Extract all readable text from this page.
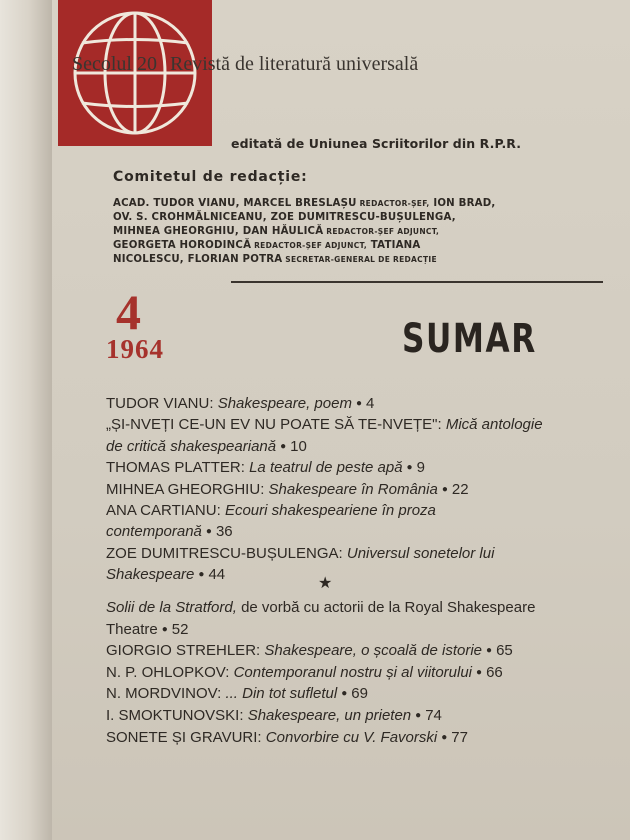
Secolul 20 Revistă de literatură universală
editată de Uniunea Scriitorilor din R.P.R.
Comitetul de redacție:
ACAD. TUDOR VIANU, MARCEL BRESLAȘU REDACTOR-ȘEF, ION BRAD,
OV. S. CROHMĂLNICEANU, ZOE DUMITRESCU-BUȘULENGA,
MIHNEA GHEORGHIU, DAN HĂULICĂ REDACTOR-ȘEF ADJUNCT,
GEORGETA HORODINCĂ REDACTOR-ȘEF ADJUNCT, TATIANA
NICOLESCU, FLORIAN POTRA SECRETAR-GENERAL DE REDACȚIE
4
1964	SUMAR
TUDOR VIANU: Shakespeare, poem ● 4
„ȘI-NVEȚI CE-UN EV NU POATE SĂ TE-NVEȚE": Mică antologie de critică shakespeariană ● 10
THOMAS PLATTER: La teatrul de peste apă ● 9
MIHNEA GHEORGHIU: Shakespeare în România ● 22
ANA CARTIANU: Ecouri shakespeariene în proza contemporană ● 36
ZOE DUMITRESCU-BUȘULENGA: Universul sonetelor lui Shakespeare ● 44
★
Solii de la Stratford, de vorbă cu actorii de la Royal Shakespeare Theatre ● 52
GIORGIO STREHLER: Shakespeare, o școală de istorie ● 65
N. P. OHLOPKOV: Contemporanul nostru și al viitorului ● 66
N. MORDVINOV: ... Din tot sufletul ● 69
I. SMOKTUNOVSKI: Shakespeare, un prieten ● 74
SONETE ȘI GRAVURI: Convorbire cu V. Favorski ● 77
